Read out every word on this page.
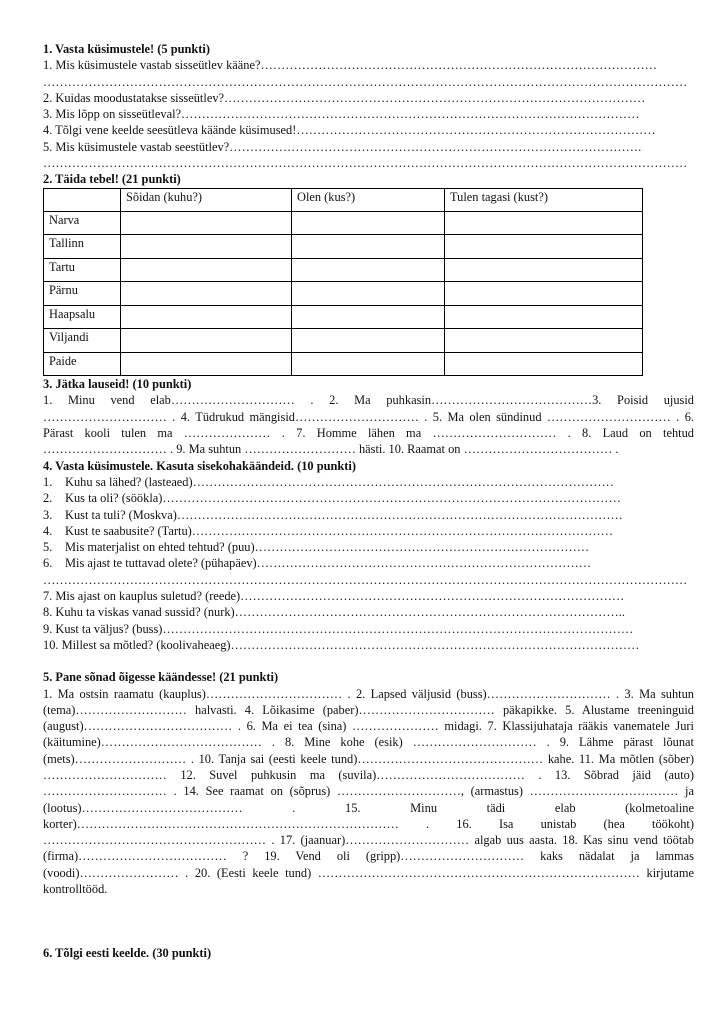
1. Vasta küsimustele! (5 punkti)

1. Mis küsimustele vastab sisseütlev kääne?……………………………………………………………………………………

…………………………………………………………………………………………………………………………………………

2. Kuidas moodustatakse sisseütlev?…………………………………………………………………………………………

3. Mis lõpp on sisseütleval?…………………………………………………………………………………………………

4. Tõlgi vene keelde seesütleva käände küsimused!……………………………………………………………………………

5. Mis küsimustele vastab seestütlev?……………………………………………………………………………………….

…………………………………………………………………………………………………………………………………………

2. Täida tebel! (21 punkti)

	Sõidan (kuhu?)	Olen (kus?)	Tulen tagasi (kust?)
Narva			
Tallinn			
Tartu			
Pärnu			
Haapsalu			
Viljandi			
Paide			

3. Jätka lauseid! (10 punkti)

1. Minu vend elab………………………… . 2. Ma puhkasin…………………………………3. Poisid ujusid ………………………… . 4. Tüdrukud mängisid………………………… . 5. Ma olen sündinud ………………………… . 6. Pärast kooli tulen ma ………………… . 7. Homme lähen ma ………………………… . 8. Laud on tehtud ………………………… . 9. Ma suhtun ……………………… hästi. 10. Raamat on ……………………………… .

4. Vasta küsimustele. Kasuta sisekohakäändeid. (10 punkti)

1. Kuhu sa lähed? (lasteaed)…………………………………………………………………………………………

2. Kus ta oli? (söökla)…………………………………………………………………………………………………

3. Kust ta tuli? (Moskva)………………………………………………………………………………………………

4. Kust te saabusite? (Tartu)…………………………………………………………………………………………

5. Mis materjalist on ehted tehtud? (puu)………………………………………………………………………

6. Mis ajast te tuttavad olete? (pühapäev)………………………………………………………………………

…………………………………………………………………………………………………………………………………………

7. Mis ajast on kauplus suletud? (reede)…………………………………………………………………………………

8. Kuhu ta viskas vanad sussid? (nurk)…………………………………………………………………………………..

9. Kust ta väljus? (buss)……………………………………………………………………………………………………

10. Millest sa mõtled? (koolivaheaeg)………………………………………………………………………………………

5. Pane sõnad õigesse käändesse! (21 punkti)

1. Ma ostsin raamatu (kauplus)…………………………… . 2. Lapsed väljusid (buss)………………………… . 3. Ma suhtun (tema)……………………… halvasti. 4. Lõikasime (paber)…………………………… päkapikke. 5. Alustame treeninguid (august)……………………………… . 6. Ma ei tea (sina) ………………… midagi. 7. Klassijuhataja rääkis vanematele Juri (käitumine)………………………………… . 8. Mine kohe (esik) ………………………… . 9. Lähme pärast lõunat (mets)……………………… . 10. Tanja sai (eesti keele tund)……………………………………… kahe. 11. Ma mõtlen (sõber) ………………………… 12. Suvel puhkusin ma (suvila)……………………………… . 13. Sõbrad jäid (auto) ………………………… . 14. See raamat on (sõprus) …………………………, (armastus) ……………………………… ja (lootus)………………………………… . 15. Minu tädi elab (kolmetoaline korter)…………………………………………………………………… . 16. Isa unistab (hea töökoht) ……………………………………………… . 17. (jaanuar)………………………… algab uus aasta. 18. Kas sinu vend töötab (firma)……………………………… ? 19. Vend oli (gripp)………………………… kaks nädalat ja lammas (voodi)…………………… . 20. (Eesti keele tund) …………………………………………………………………… kirjutame kontrolltööd.

6. Tõlgi eesti keelde. (30 punkti)
